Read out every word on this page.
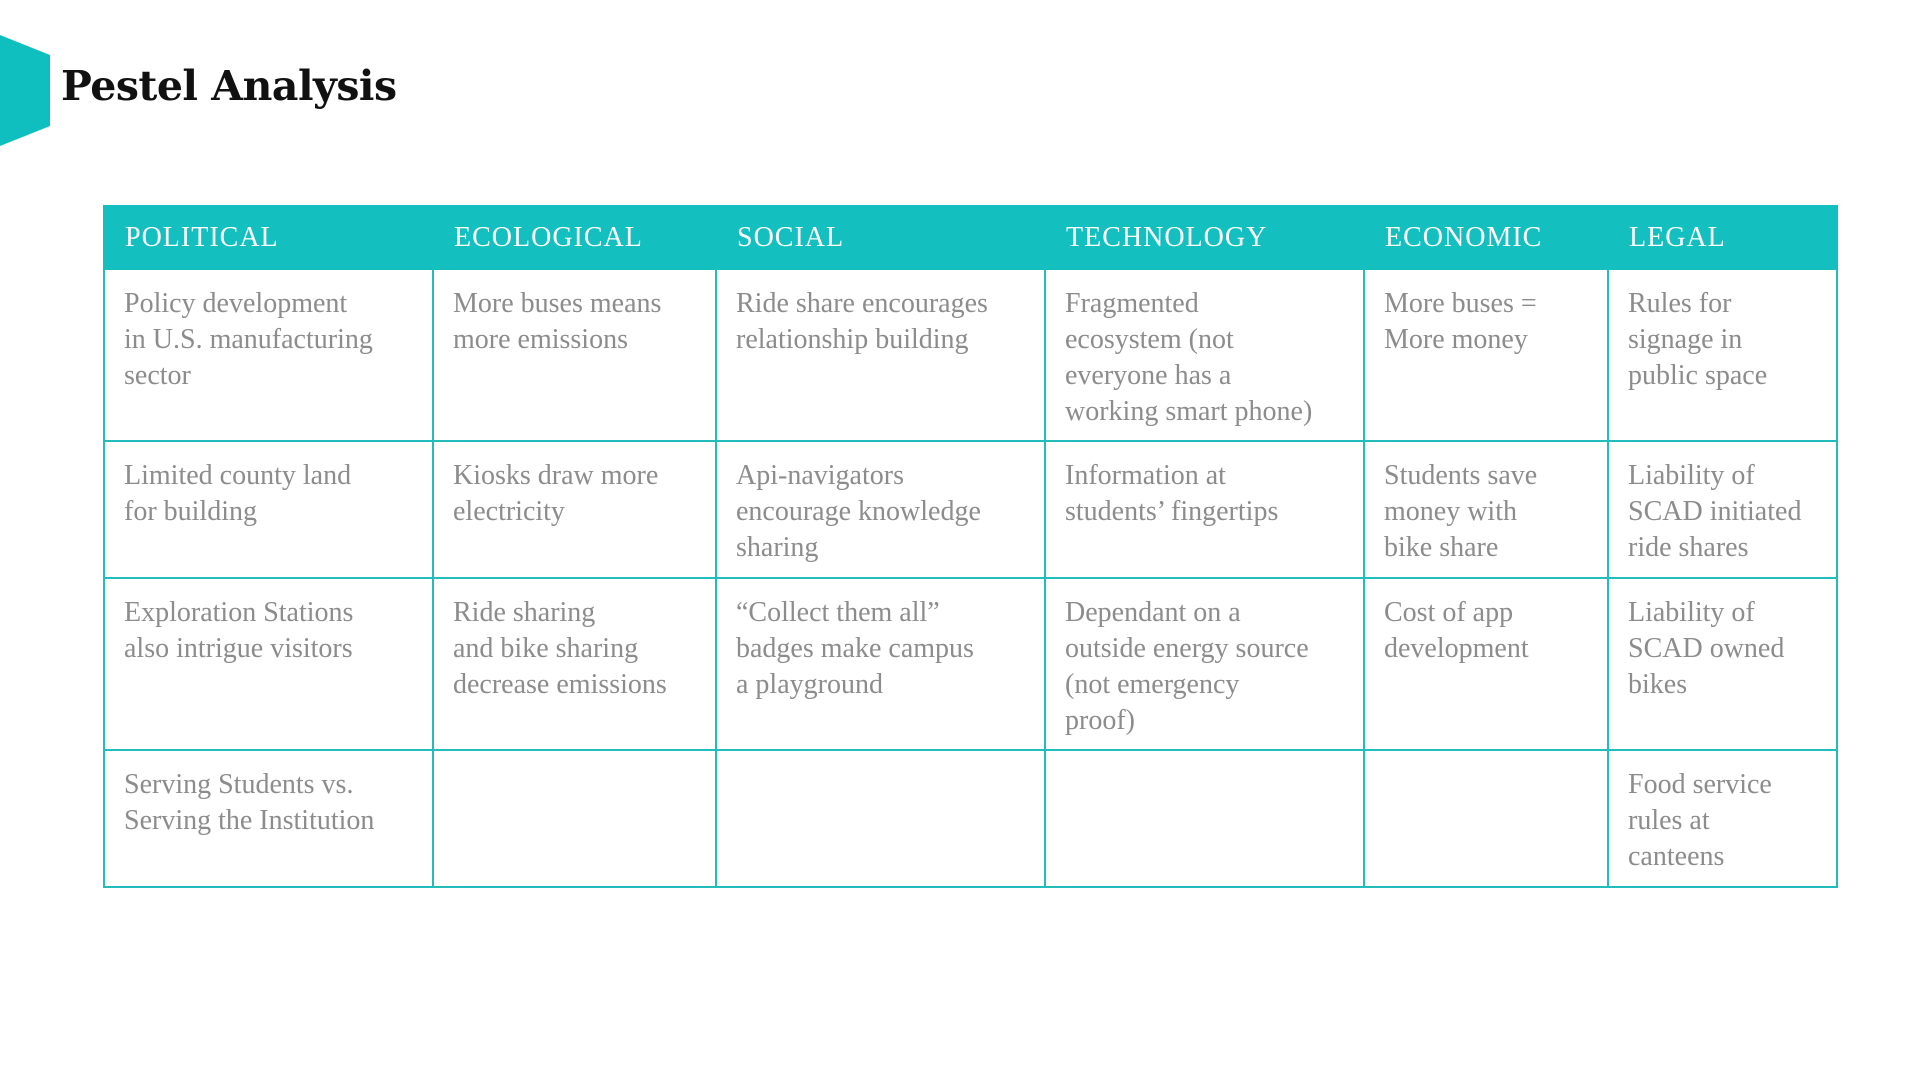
Pestel Analysis
POLITICAL	ECOLOGICAL	SOCIAL	TECHNOLOGY	ECONOMIC	LEGAL
Policy development
in U.S. manufacturing
sector	More buses means
more emissions	Ride share encourages
relationship building	Fragmented
ecosystem (not
everyone has a
working smart phone)	More buses =
More money	Rules for
signage in
public space
Limited county land
for building	Kiosks draw more
electricity	Api-navigators
encourage knowledge
sharing	Information at
students’ fingertips	Students save
money with
bike share	Liability of
SCAD initiated
ride shares
Exploration Stations
also intrigue visitors	Ride sharing
and bike sharing
decrease emissions	“Collect them all”
badges make campus
a playground	Dependant on a
outside energy source
(not emergency
proof)	Cost of app
development	Liability of
SCAD owned
bikes
Serving Students vs.
Serving the Institution					Food service
rules at
canteens
